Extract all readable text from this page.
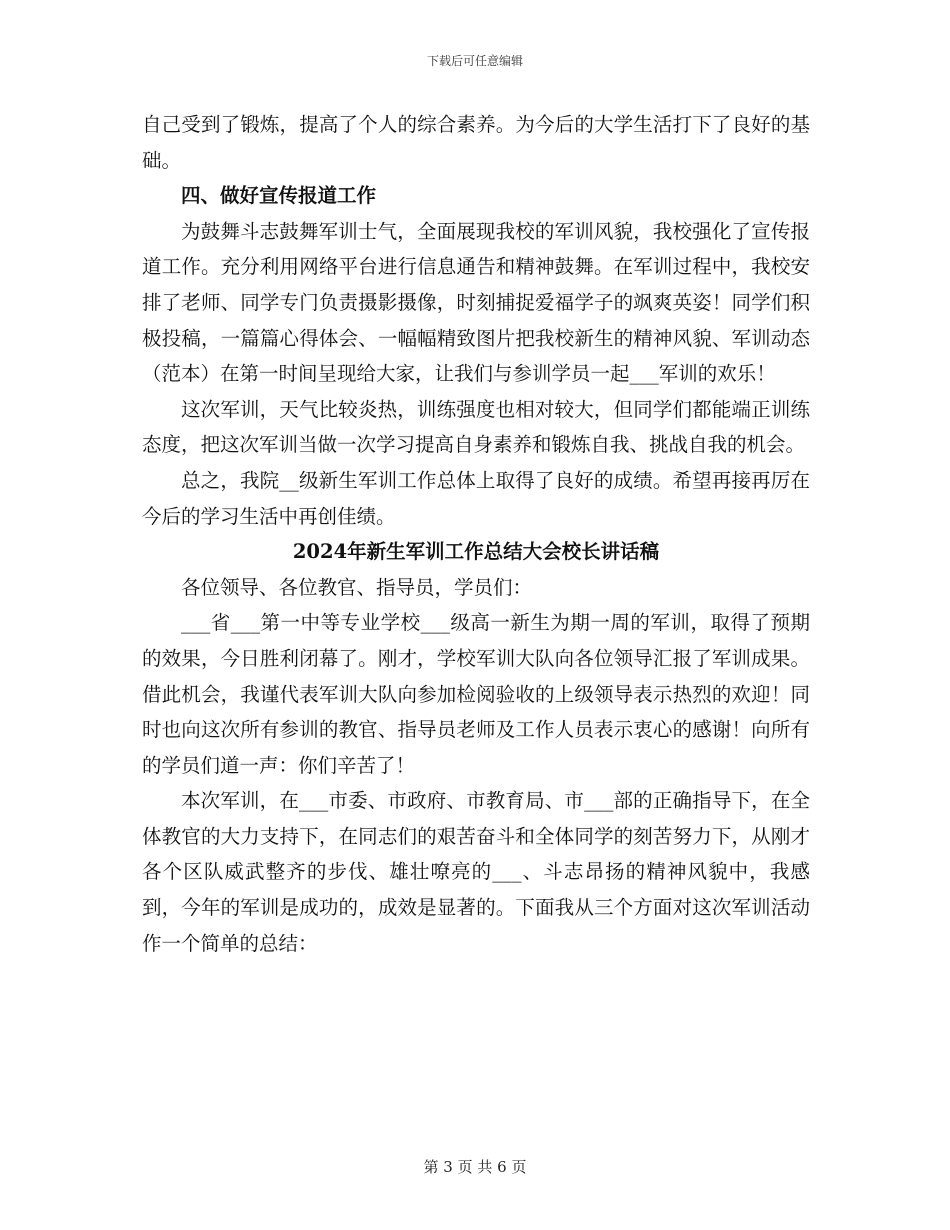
下载后可任意编辑

自己受到了锻炼，提高了个人的综合素养。为今后的大学生活打下了良好的基础。

四、做好宣传报道工作

为鼓舞斗志鼓舞军训士气，全面展现我校的军训风貌，我校强化了宣传报道工作。充分利用网络平台进行信息通告和精神鼓舞。在军训过程中，我校安排了老师、同学专门负责摄影摄像，时刻捕捉爱福学子的飒爽英姿！同学们积极投稿，一篇篇心得体会、一幅幅精致图片把我校新生的精神风貌、军训动态（范本）在第一时间呈现给大家，让我们与参训学员一起___军训的欢乐！

这次军训，天气比较炎热，训练强度也相对较大，但同学们都能端正训练态度，把这次军训当做一次学习提高自身素养和锻炼自我、挑战自我的机会。

总之，我院__级新生军训工作总体上取得了良好的成绩。希望再接再厉在今后的学习生活中再创佳绩。

2024年新生军训工作总结大会校长讲话稿

各位领导、各位教官、指导员，学员们：

___省___第一中等专业学校___级高一新生为期一周的军训，取得了预期的效果，今日胜利闭幕了。刚才，学校军训大队向各位领导汇报了军训成果。借此机会，我谨代表军训大队向参加检阅验收的上级领导表示热烈的欢迎！同时也向这次所有参训的教官、指导员老师及工作人员表示衷心的感谢！向所有的学员们道一声：你们辛苦了！

本次军训，在___市委、市政府、市教育局、市___部的正确指导下，在全体教官的大力支持下，在同志们的艰苦奋斗和全体同学的刻苦努力下，从刚才各个区队威武整齐的步伐、雄壮嘹亮的___、斗志昂扬的精神风貌中，我感到，今年的军训是成功的，成效是显著的。下面我从三个方面对这次军训活动作一个简单的总结：

第 3 页 共 6 页
